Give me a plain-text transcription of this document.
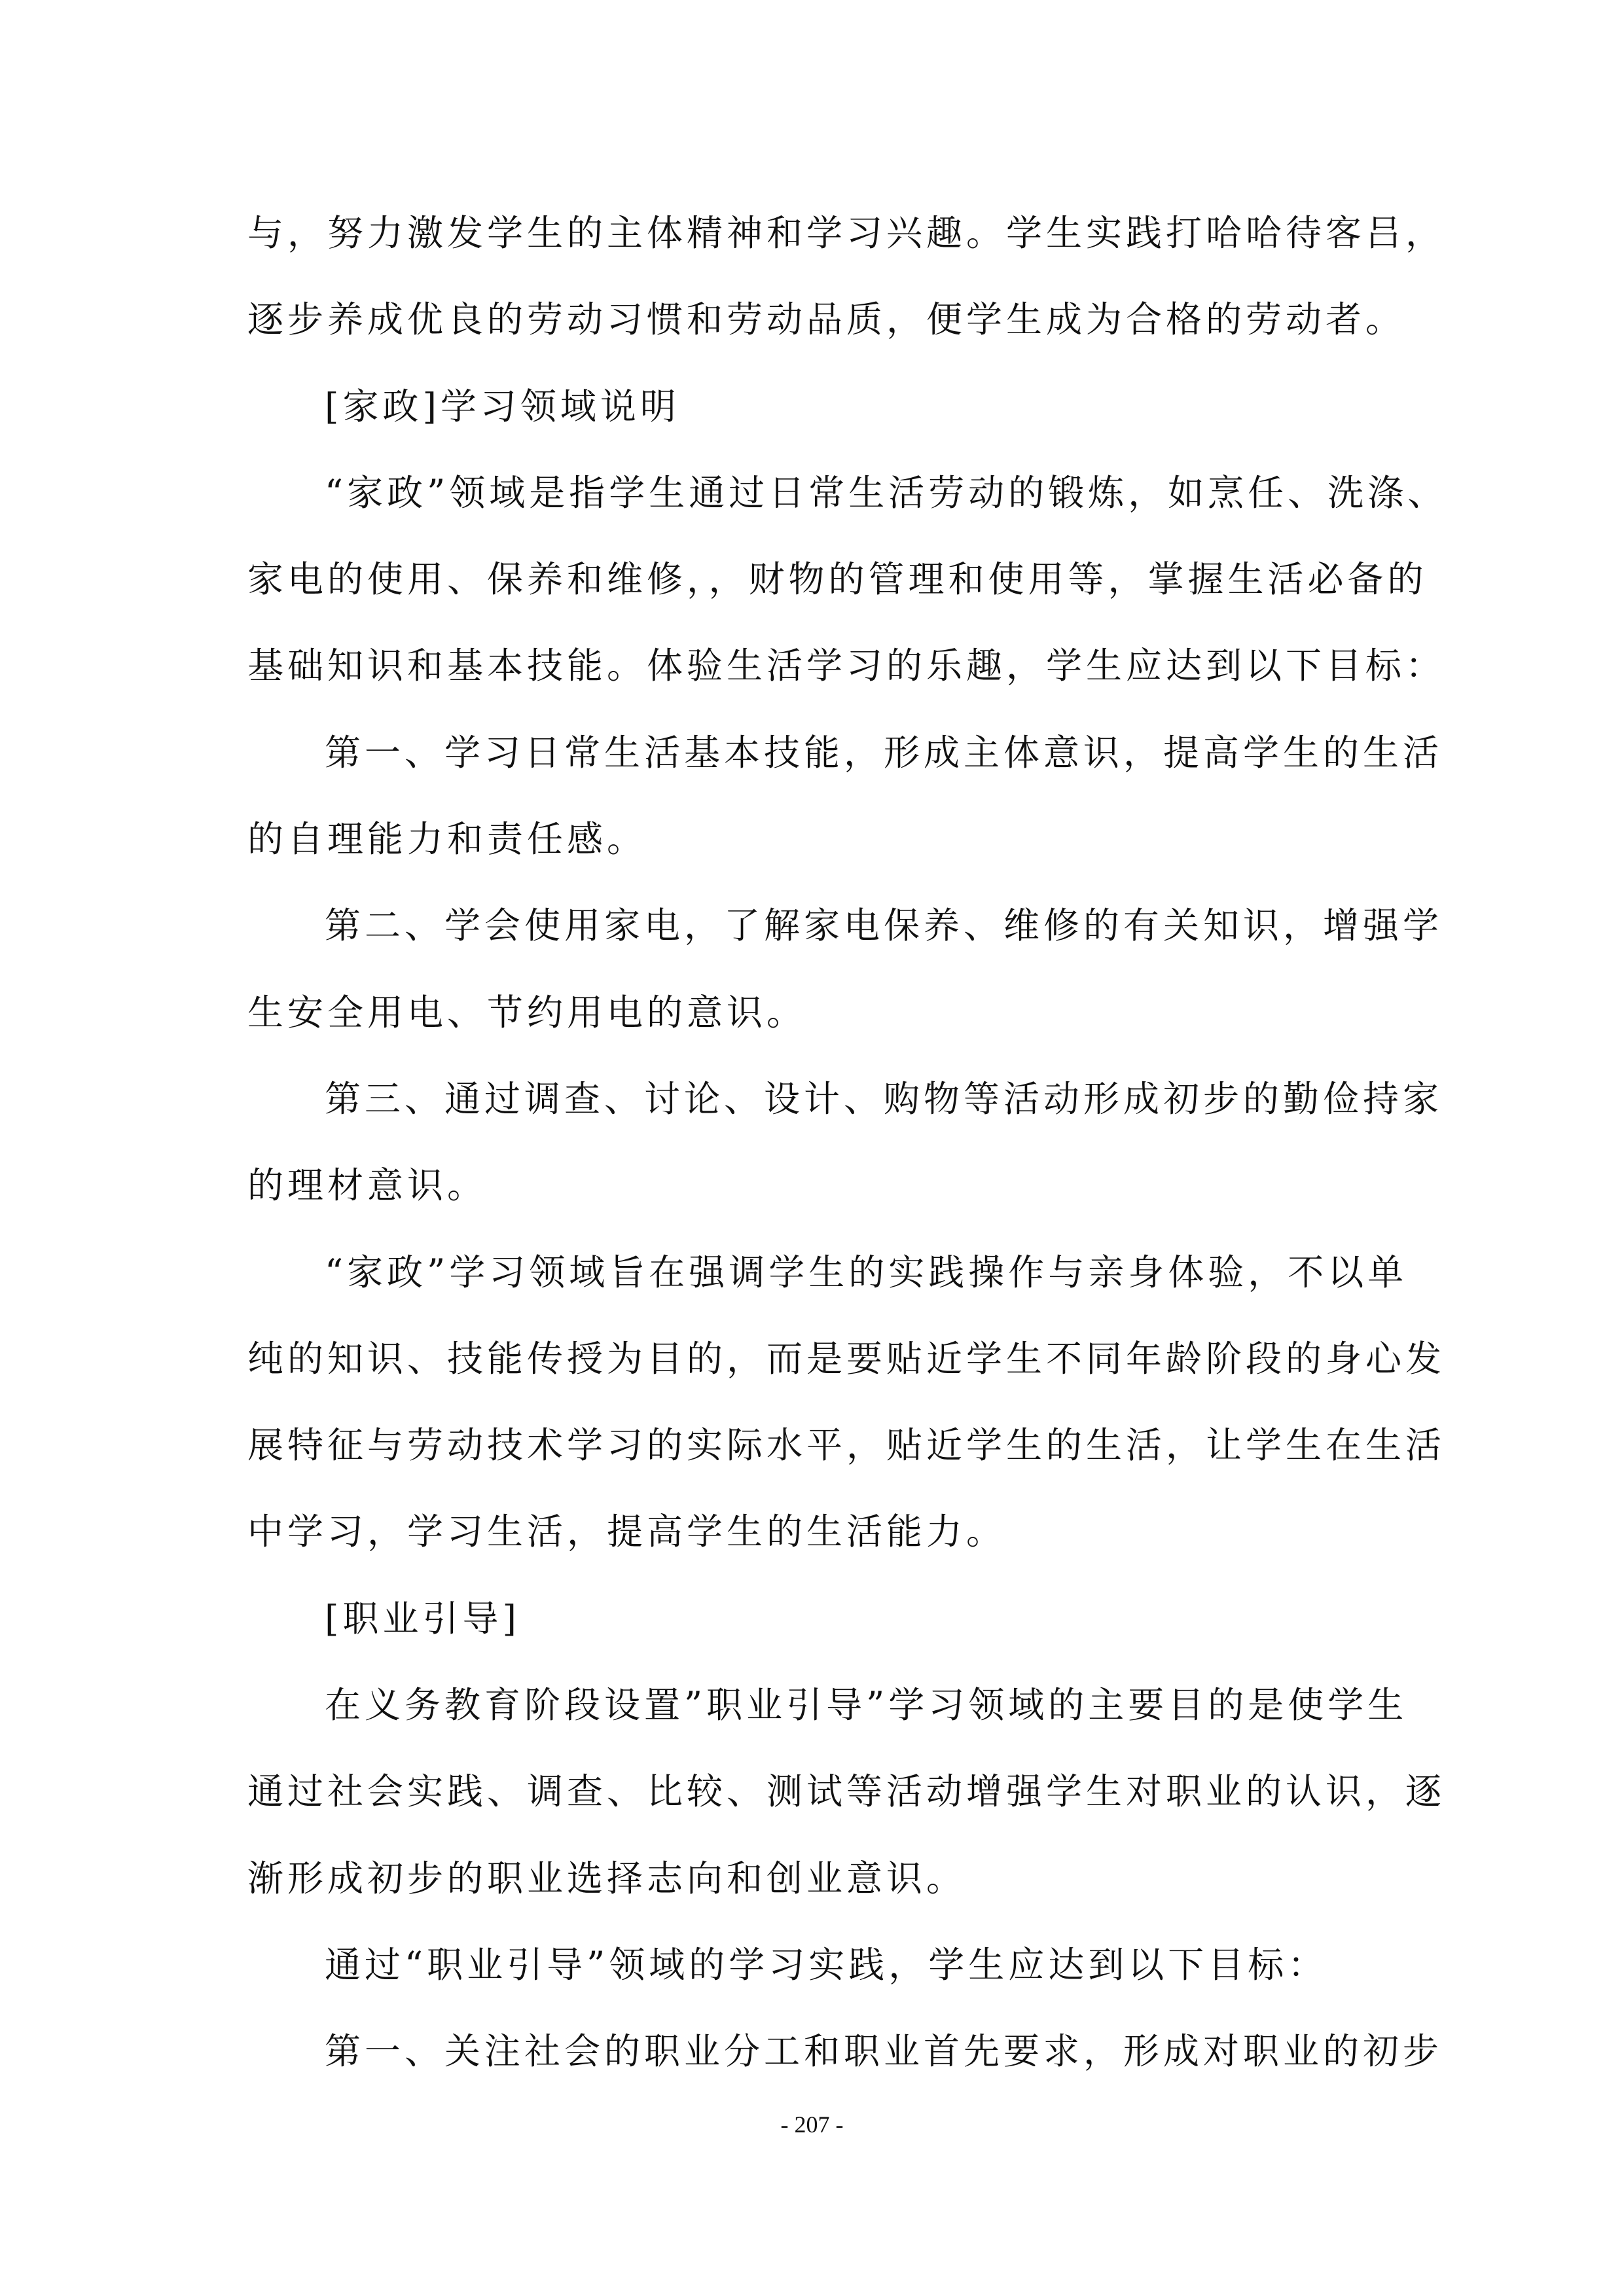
与，努力激发学生的主体精神和学习兴趣。学生实践打哈哈待客吕，
逐步养成优良的劳动习惯和劳动品质，便学生成为合格的劳动者。
[家政]学习领域说明
“家政”领域是指学生通过日常生活劳动的锻炼，如烹任、洗涤、
家电的使用、保养和维修，，财物的管理和使用等，掌握生活必备的
基础知识和基本技能。体验生活学习的乐趣，学生应达到以下目标：
第一、学习日常生活基本技能，形成主体意识，提高学生的生活
的自理能力和责任感。
第二、学会使用家电，了解家电保养、维修的有关知识，增强学
生安全用电、节约用电的意识。
第三、通过调查、讨论、设计、购物等活动形成初步的勤俭持家
的理材意识。
“家政”学习领域旨在强调学生的实践操作与亲身体验，不以单
纯的知识、技能传授为目的，而是要贴近学生不同年龄阶段的身心发
展特征与劳动技术学习的实际水平，贴近学生的生活，让学生在生活
中学习，学习生活，提高学生的生活能力。
[职业引导]
在义务教育阶段设置”职业引导”学习领域的主要目的是使学生
通过社会实践、调查、比较、测试等活动增强学生对职业的认识，逐
渐形成初步的职业选择志向和创业意识。
通过“职业引导”领域的学习实践，学生应达到以下目标：
第一、关注社会的职业分工和职业首先要求，形成对职业的初步
- 207 -
